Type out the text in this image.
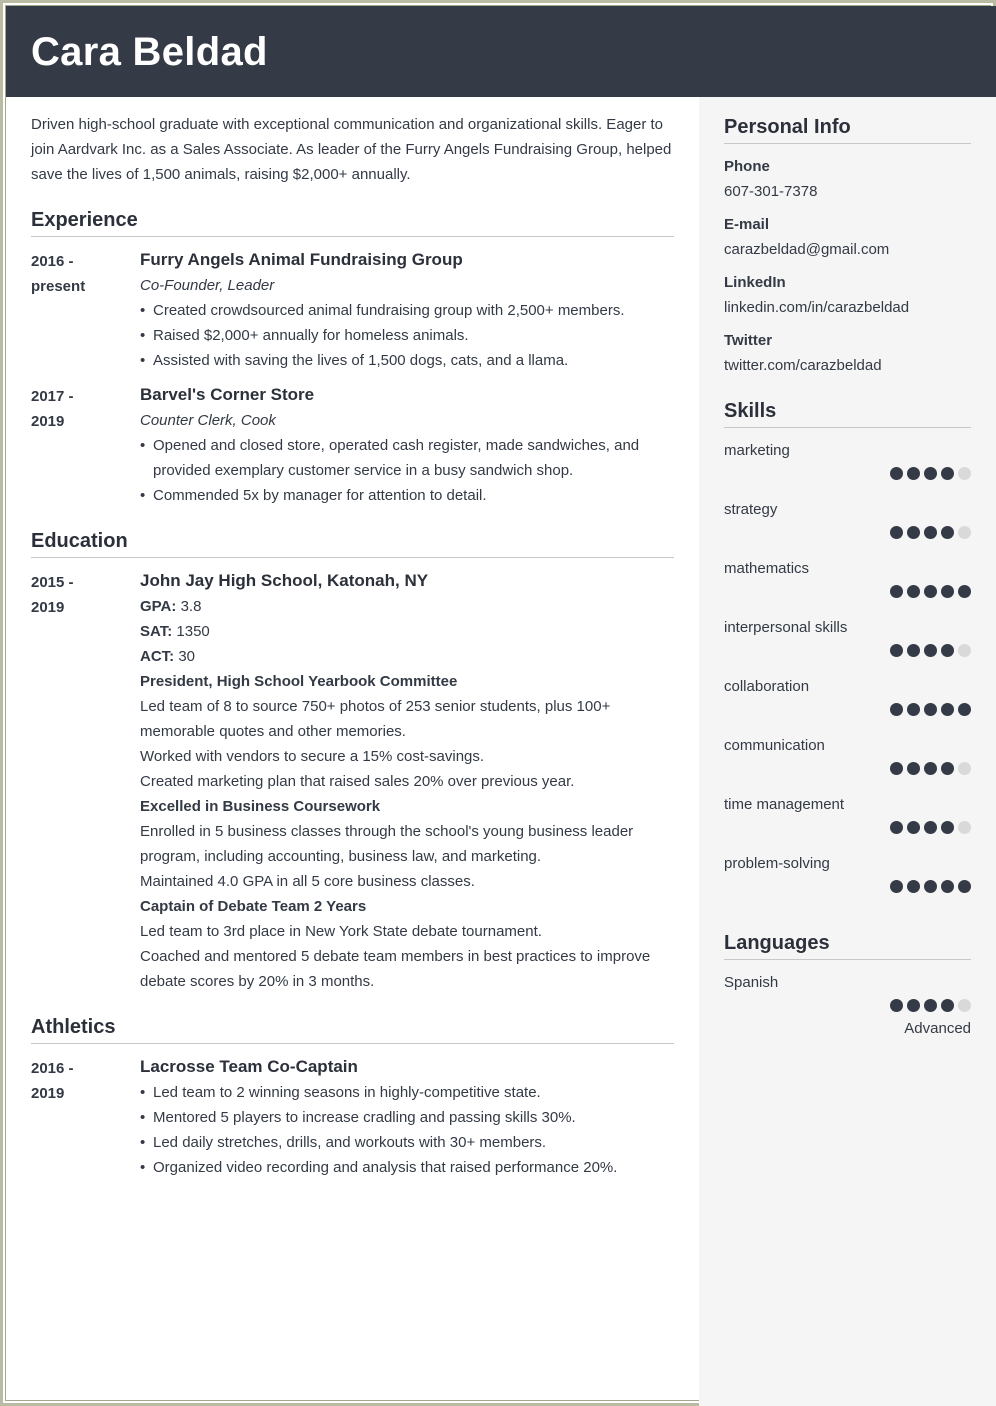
Cara Beldad

Driven high-school graduate with exceptional communication and organizational skills. Eager to join Aardvark Inc. as a Sales Associate. As leader of the Furry Angels Fundraising Group, helped save the lives of 1,500 animals, raising $2,000+ annually.

Experience
2016 -
present
Furry Angels Animal Fundraising Group
Co-Founder, Leader
• Created crowdsourced animal fundraising group with 2,500+ members.
• Raised $2,000+ annually for homeless animals.
• Assisted with saving the lives of 1,500 dogs, cats, and a llama.
2017 -
2019
Barvel's Corner Store
Counter Clerk, Cook
• Opened and closed store, operated cash register, made sandwiches, and provided exemplary customer service in a busy sandwich shop.
• Commended 5x by manager for attention to detail.
Education
2015 -
2019
John Jay High School, Katonah, NY
GPA: 3.8
SAT: 1350
ACT: 30
President, High School Yearbook Committee
Led team of 8 to source 750+ photos of 253 senior students, plus 100+ memorable quotes and other memories.
Worked with vendors to secure a 15% cost-savings.
Created marketing plan that raised sales 20% over previous year.
Excelled in Business Coursework
Enrolled in 5 business classes through the school's young business leader program, including accounting, business law, and marketing.
Maintained 4.0 GPA in all 5 core business classes.
Captain of Debate Team 2 Years
Led team to 3rd place in New York State debate tournament.
Coached and mentored 5 debate team members in best practices to improve debate scores by 20% in 3 months.
Athletics
2016 -
2019
Lacrosse Team Co-Captain
• Led team to 2 winning seasons in highly-competitive state.
• Mentored 5 players to increase cradling and passing skills 30%.
• Led daily stretches, drills, and workouts with 30+ members.
• Organized video recording and analysis that raised performance 20%.
Personal Info
Phone
607-301-7378
E-mail
carazbeldad@gmail.com
LinkedIn
linkedin.com/in/carazbeldad
Twitter
twitter.com/carazbeldad
Skills
marketing
strategy
mathematics
interpersonal skills
collaboration
communication
time management
problem-solving
Languages
Spanish
Advanced
